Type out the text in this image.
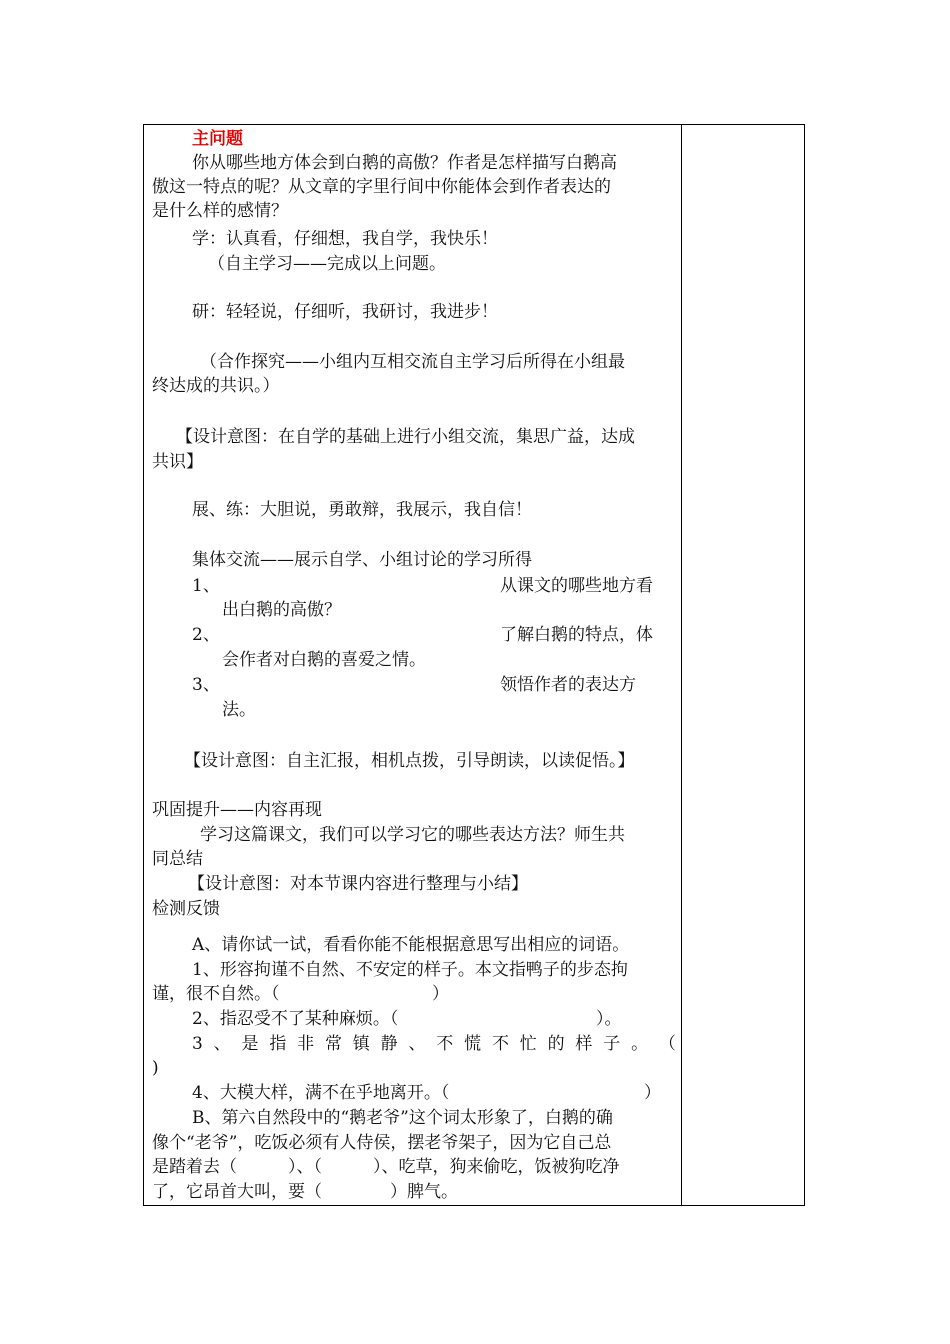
主问题
你从哪些地方体会到白鹅的高傲？作者是怎样描写白鹅高
傲这一特点的呢？从文章的字里行间中你能体会到作者表达的
是什么样的感情？
学：认真看，仔细想，我自学，我快乐！
（自主学习——完成以上问题。
研：轻轻说，仔细听，我研讨，我进步！
（合作探究——小组内互相交流自主学习后所得在小组最
终达成的共识。）
【设计意图：在自学的基础上进行小组交流，集思广益，达成
共识】
展、练：大胆说，勇敢辩，我展示，我自信！
集体交流——展示自学、小组讨论的学习所得
1、	从课文的哪些地方看
出白鹅的高傲？
2、	了解白鹅的特点，体
会作者对白鹅的喜爱之情。
3、	领悟作者的表达方
法。
【设计意图：自主汇报，相机点拨，引导朗读，以读促悟。】
巩固提升——内容再现
学习这篇课文，我们可以学习它的哪些表达方法？师生共
同总结
【设计意图：对本节课内容进行整理与小结】
检测反馈
A、请你试一试，看看你能不能根据意思写出相应的词语。
1、形容拘谨不自然、不安定的样子。本文指鸭子的步态拘
谨，很不自然。（	）
2、指忍受不了某种麻烦。（	）。
3 、 是 指 非 常 镇 静 、 不 慌 不 忙 的 样 子 。 （
)
4、大模大样，满不在乎地离开。（	）
B、第六自然段中的“鹅老爷”这个词太形象了，白鹅的确
像个“老爷”，吃饭必须有人侍侯，摆老爷架子，因为它自己总
是踏着去（　　　）、（　　　）、吃草，狗来偷吃，饭被狗吃净
了，它昂首大叫，要（　　　　）脾气。
